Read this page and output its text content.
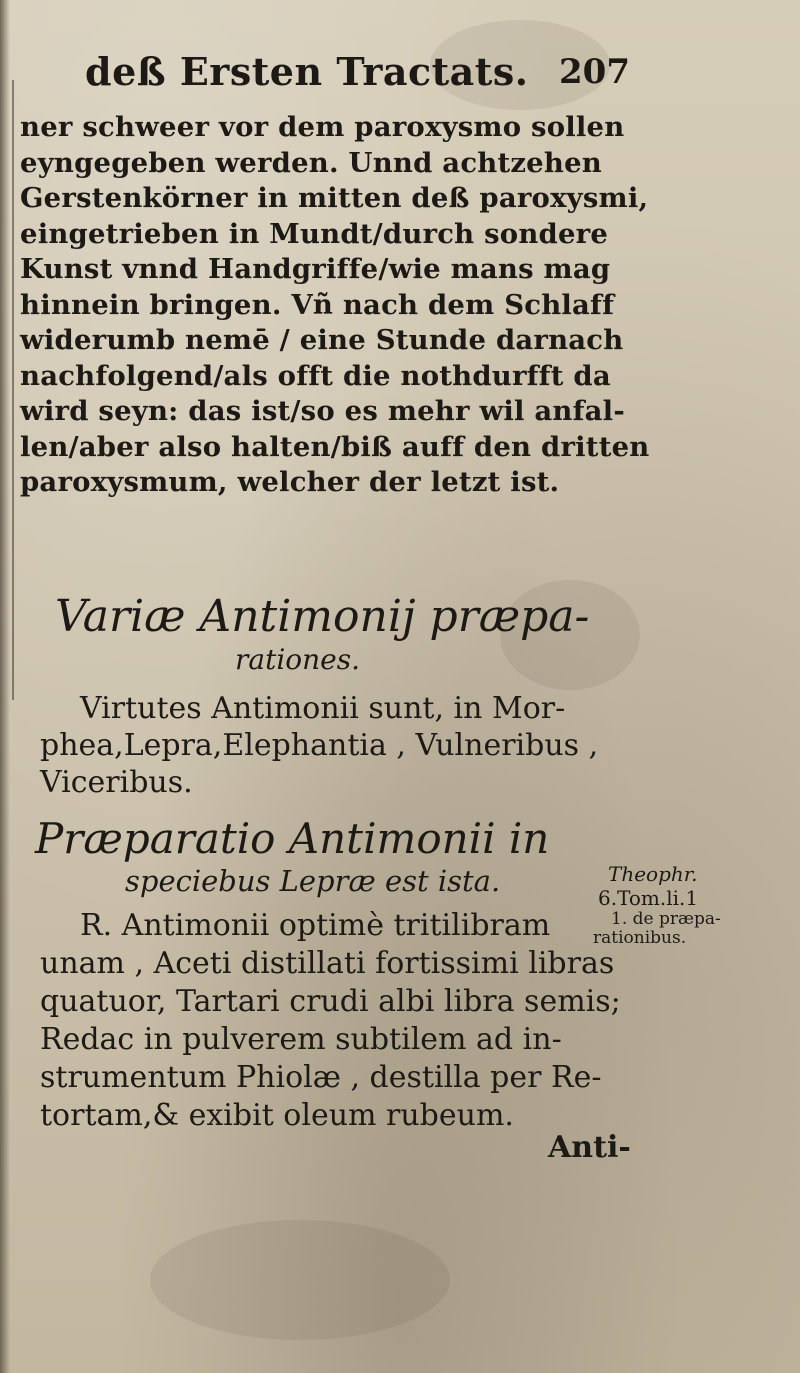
deß Ersten Tractats. 207
ner schweer vor dem paroxysmo sollen
eyngegeben werden. Unnd achtzehen
Gerstenkörner in mitten deß paroxysmi,
eingetrieben in Mundt/durch sondere
Kunst vnnd Handgriffe/wie mans mag
hinnein bringen. Vñ nach dem Schlaff
widerumb nemē / eine Stunde darnach
nachfolgend/als offt die nothdurfft da
wird seyn: das ist/so es mehr wil anfal-
len/aber also halten/biß auff den dritten
paroxysmum, welcher der letzt ist.
Variæ Antimonij præpa-
rationes.
Virtutes Antimonii sunt, in Mor-
phea,Lepra,Elephantia , Vulneribus ,
Viceribus.
Præparatio Antimonii in
speciebus Lepræ est ista.
R. Antimonii optimè tritilibram
unam , Aceti distillati fortissimi libras
quatuor, Tartari crudi albi libra semis;
Redac in pulverem subtilem ad in-
strumentum Phiolæ , destilla per Re-
tortam,& exibit oleum rubeum.
Anti-
Theophr.
6.Tom.li.1
1. de præpa-
rationibus.
